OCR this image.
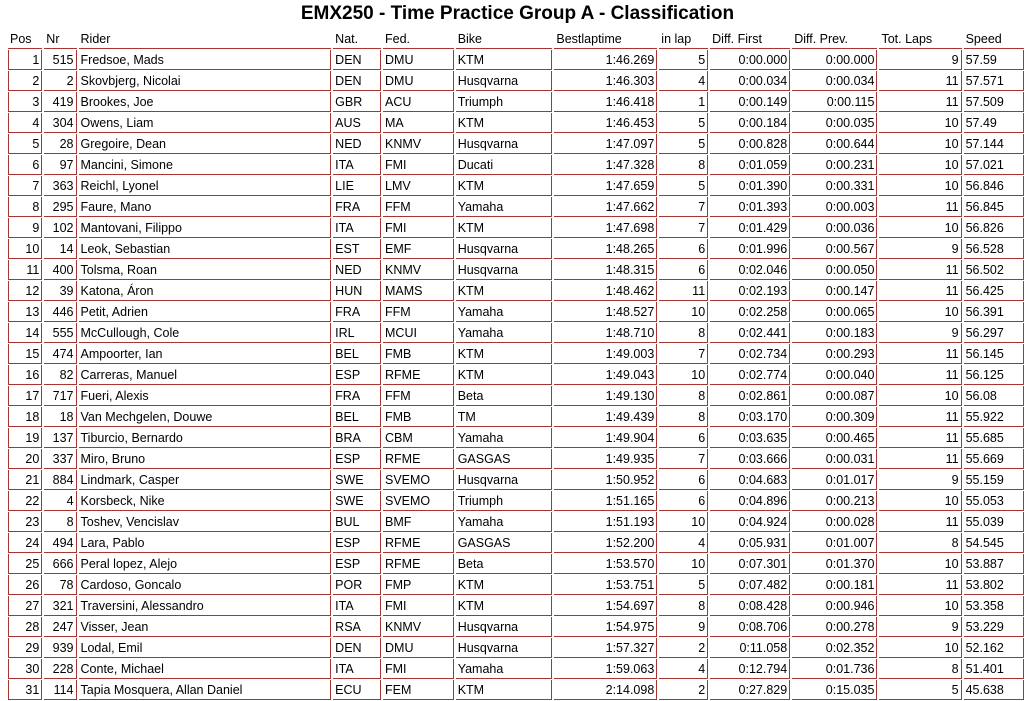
EMX250 - Time Practice Group A - Classification
Pos	Nr	Rider	Nat.	Fed.	Bike	Bestlaptime	in lap	Diff. First	Diff. Prev.	Tot. Laps	Speed
1	515	Fredsoe, Mads	DEN	DMU	KTM	1:46.269	5	0:00.000	0:00.000	9	57.59
2	2	Skovbjerg, Nicolai	DEN	DMU	Husqvarna	1:46.303	4	0:00.034	0:00.034	11	57.571
3	419	Brookes, Joe	GBR	ACU	Triumph	1:46.418	1	0:00.149	0:00.115	11	57.509
4	304	Owens, Liam	AUS	MA	KTM	1:46.453	5	0:00.184	0:00.035	10	57.49
5	28	Gregoire, Dean	NED	KNMV	Husqvarna	1:47.097	5	0:00.828	0:00.644	10	57.144
6	97	Mancini, Simone	ITA	FMI	Ducati	1:47.328	8	0:01.059	0:00.231	10	57.021
7	363	Reichl, Lyonel	LIE	LMV	KTM	1:47.659	5	0:01.390	0:00.331	10	56.846
8	295	Faure, Mano	FRA	FFM	Yamaha	1:47.662	7	0:01.393	0:00.003	11	56.845
9	102	Mantovani, Filippo	ITA	FMI	KTM	1:47.698	7	0:01.429	0:00.036	10	56.826
10	14	Leok, Sebastian	EST	EMF	Husqvarna	1:48.265	6	0:01.996	0:00.567	9	56.528
11	400	Tolsma, Roan	NED	KNMV	Husqvarna	1:48.315	6	0:02.046	0:00.050	11	56.502
12	39	Katona, Áron	HUN	MAMS	KTM	1:48.462	11	0:02.193	0:00.147	11	56.425
13	446	Petit, Adrien	FRA	FFM	Yamaha	1:48.527	10	0:02.258	0:00.065	10	56.391
14	555	McCullough, Cole	IRL	MCUI	Yamaha	1:48.710	8	0:02.441	0:00.183	9	56.297
15	474	Ampoorter, Ian	BEL	FMB	KTM	1:49.003	7	0:02.734	0:00.293	11	56.145
16	82	Carreras, Manuel	ESP	RFME	KTM	1:49.043	10	0:02.774	0:00.040	11	56.125
17	717	Fueri, Alexis	FRA	FFM	Beta	1:49.130	8	0:02.861	0:00.087	10	56.08
18	18	Van Mechgelen, Douwe	BEL	FMB	TM	1:49.439	8	0:03.170	0:00.309	11	55.922
19	137	Tiburcio, Bernardo	BRA	CBM	Yamaha	1:49.904	6	0:03.635	0:00.465	11	55.685
20	337	Miro, Bruno	ESP	RFME	GASGAS	1:49.935	7	0:03.666	0:00.031	11	55.669
21	884	Lindmark, Casper	SWE	SVEMO	Husqvarna	1:50.952	6	0:04.683	0:01.017	9	55.159
22	4	Korsbeck, Nike	SWE	SVEMO	Triumph	1:51.165	6	0:04.896	0:00.213	10	55.053
23	8	Toshev, Vencislav	BUL	BMF	Yamaha	1:51.193	10	0:04.924	0:00.028	11	55.039
24	494	Lara, Pablo	ESP	RFME	GASGAS	1:52.200	4	0:05.931	0:01.007	8	54.545
25	666	Peral lopez, Alejo	ESP	RFME	Beta	1:53.570	10	0:07.301	0:01.370	10	53.887
26	78	Cardoso, Goncalo	POR	FMP	KTM	1:53.751	5	0:07.482	0:00.181	11	53.802
27	321	Traversini, Alessandro	ITA	FMI	KTM	1:54.697	8	0:08.428	0:00.946	10	53.358
28	247	Visser, Jean	RSA	KNMV	Husqvarna	1:54.975	9	0:08.706	0:00.278	9	53.229
29	939	Lodal, Emil	DEN	DMU	Husqvarna	1:57.327	2	0:11.058	0:02.352	10	52.162
30	228	Conte, Michael	ITA	FMI	Yamaha	1:59.063	4	0:12.794	0:01.736	8	51.401
31	114	Tapia Mosquera, Allan Daniel	ECU	FEM	KTM	2:14.098	2	0:27.829	0:15.035	5	45.638
